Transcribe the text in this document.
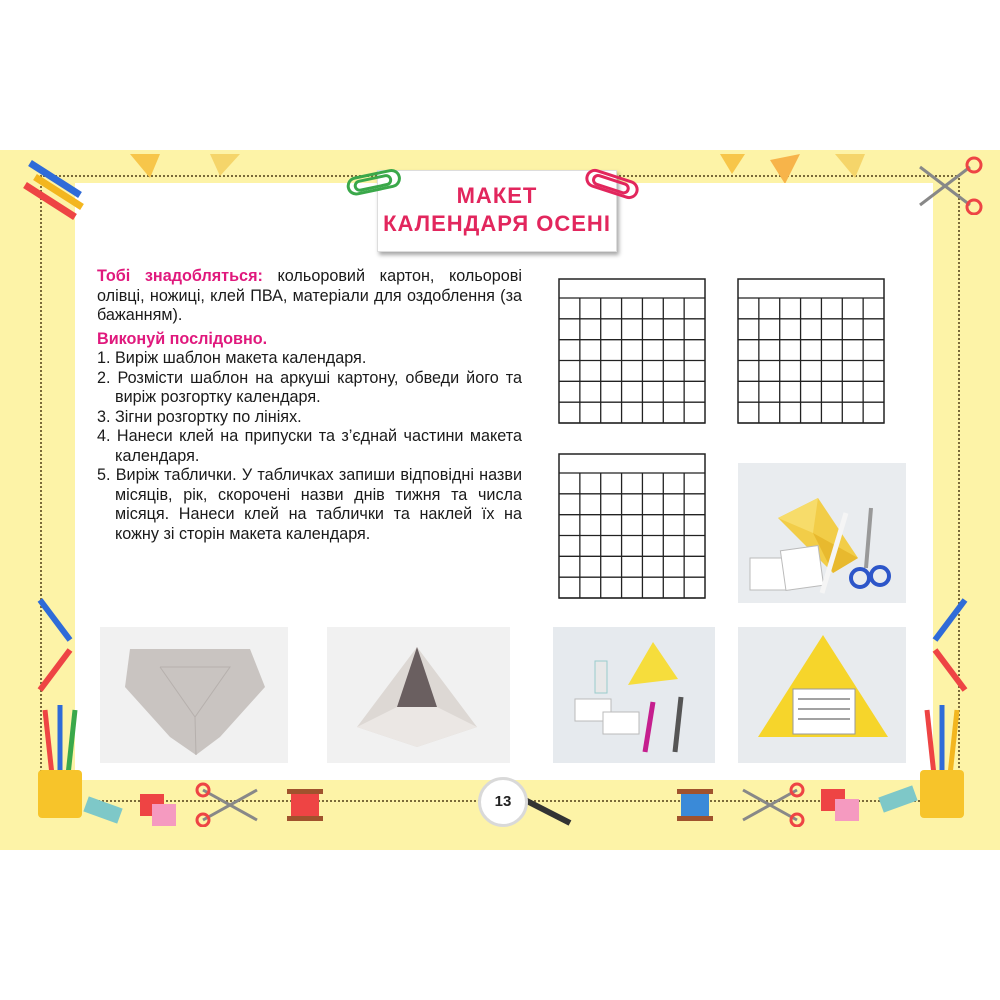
МАКЕТ
КАЛЕНДАРЯ ОСЕНІ

Тобі знадобляться: кольоровий картон, кольорові олівці, ножиці, клей ПВА, матеріали для оздоблення (за бажанням).

Виконуй послідовно.

1. Виріж шаблон макета календаря.
2. Розмісти шаблон на аркуші картону, обведи його та виріж розгортку календаря.
3. Зігни розгортку по лініях.
4. Нанеси клей на припуски та з’єднай частини макета календаря.
5. Виріж таблички. У табличках запиши відповідні назви місяців, рік, скорочені назви днів тижня та числа місяця. Нанеси клей на таблички та наклей їх на кожну зі сторін макета календаря.
13
